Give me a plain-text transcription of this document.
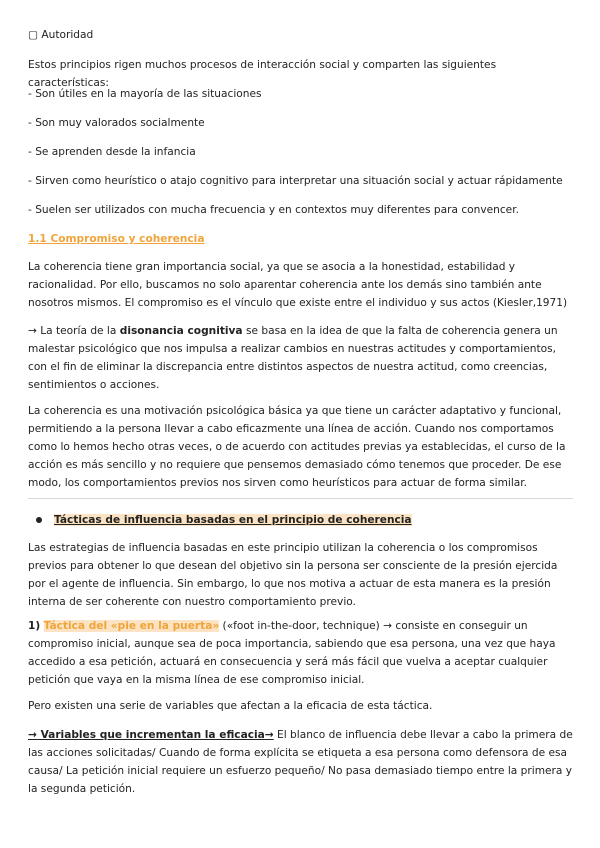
▢ Autoridad

Estos principios rigen muchos procesos de interacción social y comparten las siguientes características:

- Son útiles en la mayoría de las situaciones

- Son muy valorados socialmente

- Se aprenden desde la infancia

- Sirven como heurístico o atajo cognitivo para interpretar una situación social y actuar rápidamente

- Suelen ser utilizados con mucha frecuencia y en contextos muy diferentes para convencer.

1.1 Compromiso y coherencia

La coherencia tiene gran importancia social, ya que se asocia a la honestidad, estabilidad y racionalidad. Por ello, buscamos no solo aparentar coherencia ante los demás sino también ante nosotros mismos. El compromiso es el vínculo que existe entre el individuo y sus actos (Kiesler,1971)

→ La teoría de la disonancia cognitiva se basa en la idea de que la falta de coherencia genera un malestar psicológico que nos impulsa a realizar cambios en nuestras actitudes y comportamientos, con el fin de eliminar la discrepancia entre distintos aspectos de nuestra actitud, como creencias, sentimientos o acciones.

La coherencia es una motivación psicológica básica ya que tiene un carácter adaptativo y funcional, permitiendo a la persona llevar a cabo eficazmente una línea de acción. Cuando nos comportamos como lo hemos hecho otras veces, o de acuerdo con actitudes previas ya establecidas, el curso de la acción es más sencillo y no requiere que pensemos demasiado cómo tenemos que proceder. De ese modo, los comportamientos previos nos sirven como heurísticos para actuar de forma similar.

Tácticas de influencia basadas en el principio de coherencia

Las estrategias de influencia basadas en este principio utilizan la coherencia o los compromisos previos para obtener lo que desean del objetivo sin la persona ser consciente de la presión ejercida por el agente de influencia. Sin embargo, lo que nos motiva a actuar de esta manera es la presión interna de ser coherente con nuestro comportamiento previo.

1) Táctica del «pie en la puerta» («foot in-the-door, technique) → consiste en conseguir un compromiso inicial, aunque sea de poca importancia, sabiendo que esa persona, una vez que haya accedido a esa petición, actuará en consecuencia y será más fácil que vuelva a aceptar cualquier petición que vaya en la misma línea de ese compromiso inicial.

Pero existen una serie de variables que afectan a la eficacia de esta táctica.

→ Variables que incrementan la eficacia→ El blanco de influencia debe llevar a cabo la primera de las acciones solicitadas/ Cuando de forma explícita se etiqueta a esa persona como defensora de esa causa/ La petición inicial requiere un esfuerzo pequeño/ No pasa demasiado tiempo entre la primera y la segunda petición.
